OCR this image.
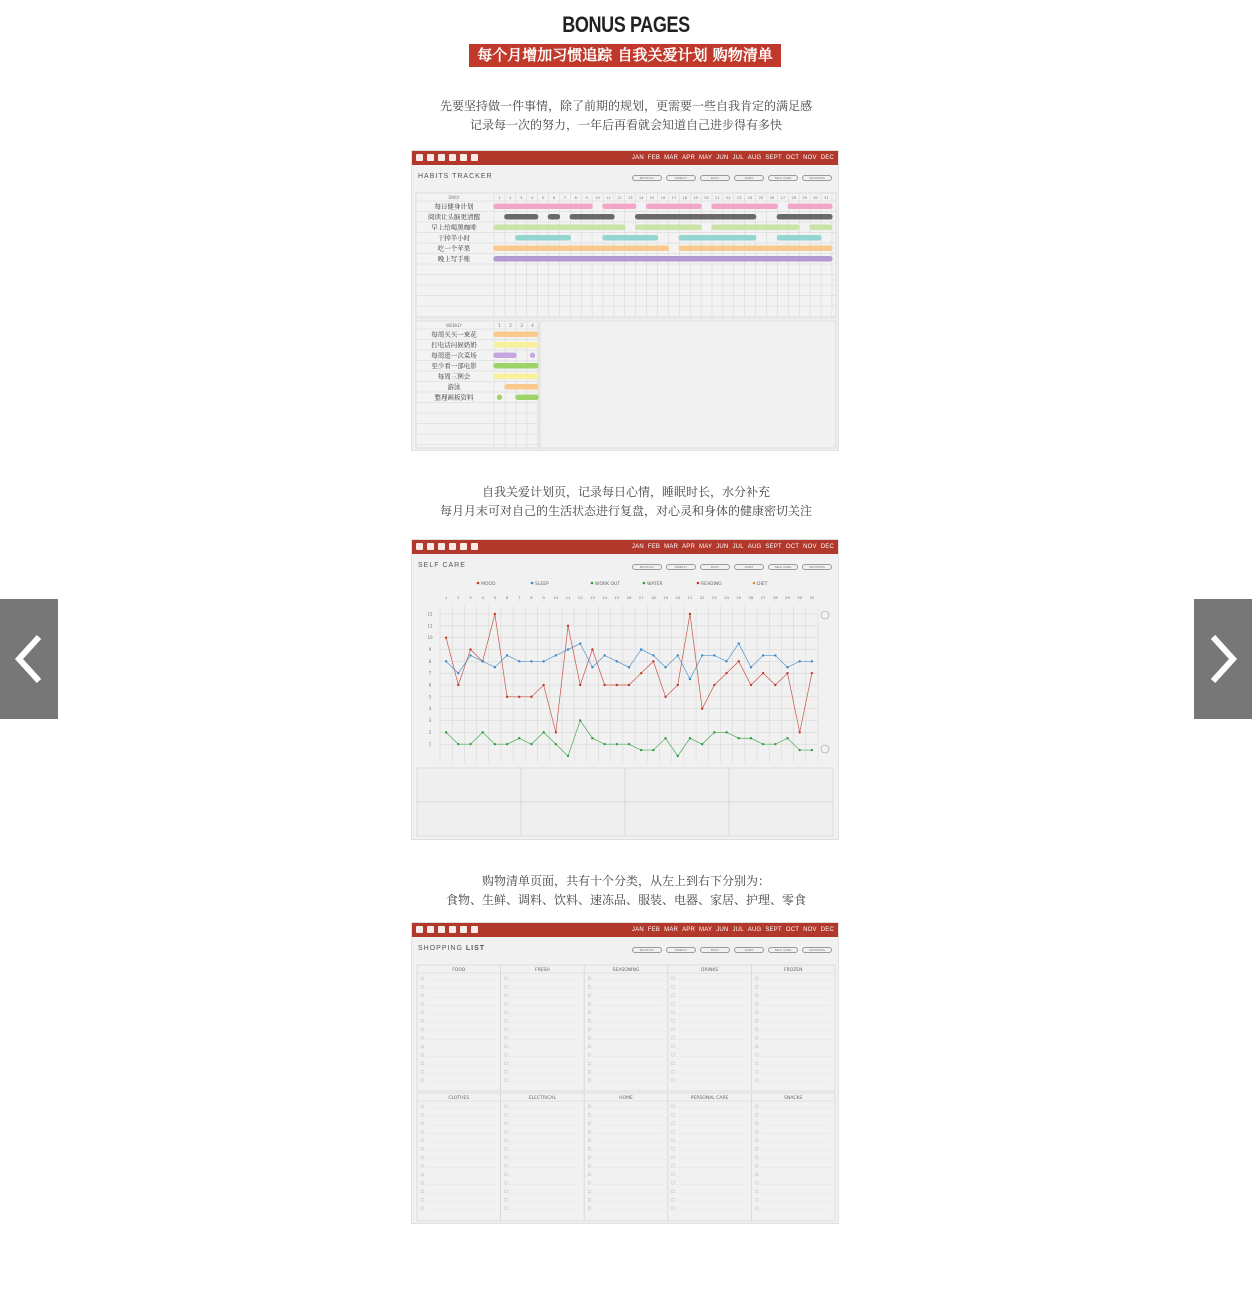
BONUS PAGES
每个月增加习惯追踪 自我关爱计划 购物清单
先要坚持做一件事情，除了前期的规划，更需要一些自我肯定的满足感
记录每一次的努力，一年后再看就会知道自己进步得有多快
JAN FEB MAR APR MAY JUN JUL AUG SEPT OCT NOV DEC
HABITS TRACKER	MONTHLY	WEEKLY	DAILY	HABIT	SELF CARE	SHOPPING
DAILY	1 2 3 4 5 6 7 8 9 10 11 12 13 14 15 16 17 18 19 20 21 22 23 24 25 26 27 28 29 30 31
每日健身计划
阅读让头脑更清醒
早上给喝黑咖啡
干掉半小时
吃一个苹果
晚上写手账
WEEKLY	1 2 3 4
每周买买一束花
打电话问候奶奶
每周逛一次菜场
至少看一部电影
每周三例会
游泳
整理画板资料
自我关爱计划页，记录每日心情，睡眠时长，水分补充
每月月末可对自己的生活状态进行复盘，对心灵和身体的健康密切关注
JAN FEB MAR APR MAY JUN JUL AUG SEPT OCT NOV DEC
SELF CARE	MONTHLY	WEEKLY	DAILY	HABIT	SELF CARE	SHOPPING
MOOD	SLEEP	WORK OUT	WATER	READING	DIET
1	2	3	4	5	6	7	8	9 10 11 12 13 14 15 16 17 18 19 20 21 22 23 24 25 26 27 28 29 30 31
1
2
3
4
5
6
7
8
9
10
11
12
购物清单页面，共有十个分类，从左上到右下分别为：
食物、生鲜、调料、饮料、速冻品、服装、电器、家居、护理、零食
JAN FEB MAR APR MAY JUN JUL AUG SEPT OCT NOV DEC
SHOPPING LIST	MONTHLY	WEEKLY	DAILY	HABIT	SELF CARE	SHOPPING
FOOD	FRESH	SEASONING	DRINKS	FROZEN
CLOTHES	ELECTRICAL	HOME	PERSONAL CARE	SNACKS
